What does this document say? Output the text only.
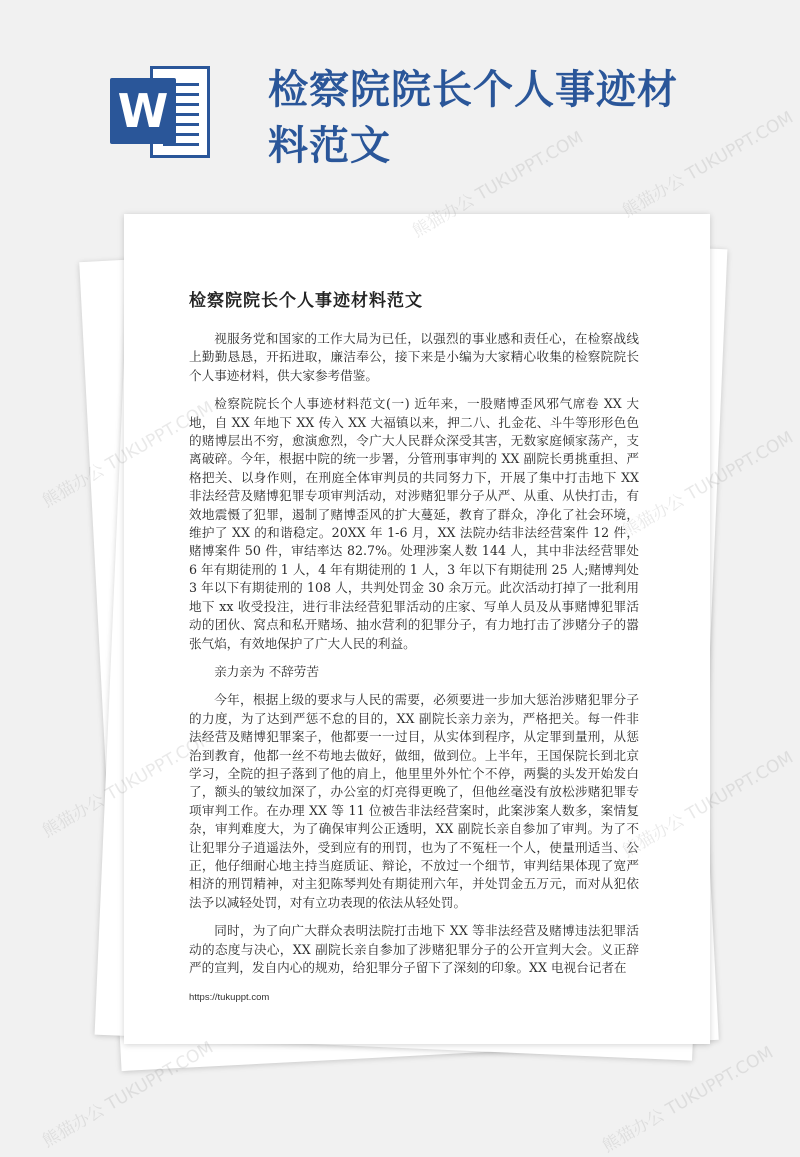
W 检察院院长个人事迹材料范文
检察院院长个人事迹材料范文

视服务党和国家的工作大局为已任，以强烈的事业感和责任心，在检察战线上勤勤恳恳，开拓进取，廉洁奉公，接下来是小编为大家精心收集的检察院院长个人事迹材料，供大家参考借鉴。

检察院院长个人事迹材料范文(一) 近年来，一股赌博歪风邪气席卷 XX 大地，自 XX 年地下 XX 传入 XX 大福镇以来，押二八、扎金花、斗牛等形形色色的赌博层出不穷，愈演愈烈，令广大人民群众深受其害，无数家庭倾家荡产，支离破碎。今年，根据中院的统一步署，分管刑事审判的 XX 副院长勇挑重担、严格把关、以身作则，在刑庭全体审判员的共同努力下，开展了集中打击地下 XX 非法经营及赌博犯罪专项审判活动，对涉赌犯罪分子从严、从重、从快打击，有效地震慑了犯罪，遏制了赌博歪风的扩大蔓延，教育了群众，净化了社会环境，维护了 XX 的和谐稳定。20XX 年 1-6 月，XX 法院办结非法经营案件 12 件，赌博案件 50 件，审结率达 82.7%。处理涉案人数 144 人，其中非法经营罪处 6 年有期徒刑的 1 人，4 年有期徒刑的 1 人，3 年以下有期徒刑 25 人;赌博判处 3 年以下有期徒刑的 108 人，共判处罚金 30 余万元。此次活动打掉了一批利用地下 xx 收受投注，进行非法经营犯罪活动的庄家、写单人员及从事赌博犯罪活动的团伙、窝点和私开赌场、抽水营利的犯罪分子，有力地打击了涉赌分子的嚣张气焰，有效地保护了广大人民的利益。

亲力亲为 不辞劳苦

今年，根据上级的要求与人民的需要，必须要进一步加大惩治涉赌犯罪分子的力度，为了达到严惩不怠的目的，XX 副院长亲力亲为，严格把关。每一件非法经营及赌博犯罪案子，他都要一一过目，从实体到程序，从定罪到量刑，从惩治到教育，他都一丝不苟地去做好，做细，做到位。上半年，王国保院长到北京学习，全院的担子落到了他的肩上，他里里外外忙个不停，两鬓的头发开始发白了，额头的皱纹加深了，办公室的灯亮得更晚了，但他丝毫没有放松涉赌犯罪专项审判工作。在办理 XX 等 11 位被告非法经营案时，此案涉案人数多，案情复杂，审判难度大，为了确保审判公正透明，XX 副院长亲自参加了审判。为了不让犯罪分子逍遥法外，受到应有的刑罚，也为了不冤枉一个人，使量刑适当、公正，他仔细耐心地主持当庭质证、辩论，不放过一个细节，审判结果体现了宽严相济的刑罚精神，对主犯陈琴判处有期徒刑六年，并处罚金五万元，而对从犯依法予以减轻处罚，对有立功表现的依法从轻处罚。

同时，为了向广大群众表明法院打击地下 XX 等非法经营及赌博违法犯罪活动的态度与决心，XX 副院长亲自参加了涉赌犯罪分子的公开宣判大会。义正辞严的宣判，发自内心的规劝，给犯罪分子留下了深刻的印象。XX 电视台记者在

https://tukuppt.com
熊猫办公 TUKUPPT.COM
熊猫办公 TUKUPPT.COM
TUKUPPT.COM
熊猫办公
TUKUPPT.COM
熊猫办公
熊猫办公 TUKUPPT.COM	熊猫办公 TUKUPPT.COM
